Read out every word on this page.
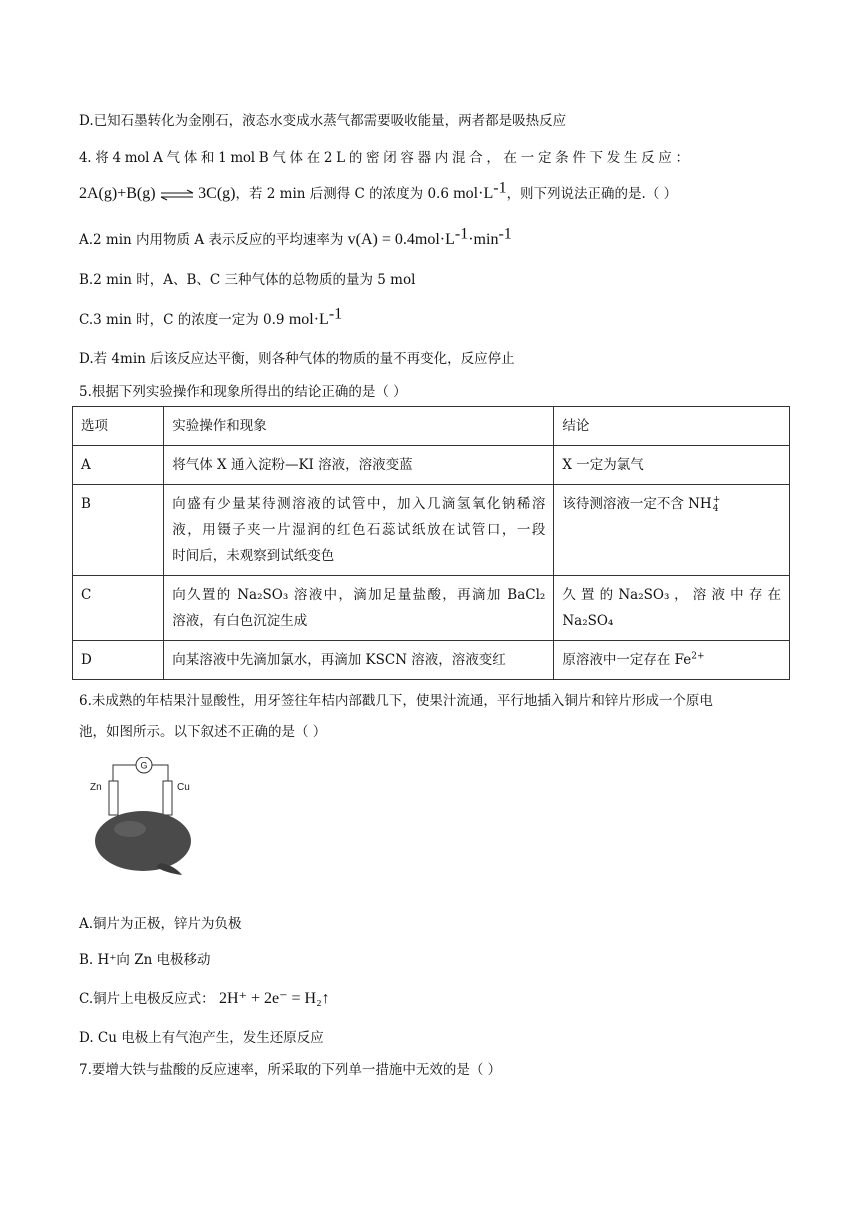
D.已知石墨转化为金刚石，液态水变成水蒸气都需要吸收能量，两者都是吸热反应
4. 将 4 mol A 气 体 和 1 mol B 气 体 在 2 L 的 密 闭 容 器 内 混 合 ， 在 一 定 条 件 下 发 生 反 应 ：
2A(g)+B(g) ⇌ 3C(g)，若 2 min 后测得 C 的浓度为 0.6 $mol\cdot L^{-1}$，则下列说法正确的是.（ ）
A.2 min 内用物质 A 表示反应的平均速率为 $v(A) = 0.4mol\cdot L^{-1}\cdot\min^{-1}$
B.2 min 时，A、B、C 三种气体的总物质的量为 5 mol
C.3 min 时，C 的浓度一定为 0.9 $mol\cdot L^{-1}$
D.若 4min 后该反应达平衡，则各种气体的物质的量不再变化，反应停止
5.根据下列实验操作和现象所得出的结论正确的是（ ）
选项	实验操作和现象	结论
A	将气体 X 通入淀粉—KI 溶液，溶液变蓝	X 一定为氯气
B	向盛有少量某待测溶液的试管中，加入几滴氢氧化钠稀溶
液，用镊子夹一片湿润的红色石蕊试纸放在试管口，一段
时间后，未观察到试纸变色	该待测溶液一定不含 NH +
4

C	向久置的 Na₂SO₃ 溶液中，滴加足量盐酸，再滴加 BaCl₂
溶液，有白色沉淀生成	久 置 的 Na₂SO₃ ， 溶 液 中 存 在
Na₂SO₄

D	向某溶液中先滴加氯水，再滴加 KSCN 溶液，溶液变红	原溶液中一定存在 $Fe^{2+}$
6.未成熟的年桔果汁显酸性，用牙签往年桔内部戳几下，使果汁流通，平行地插入铜片和锌片形成一个原电
池，如图所示。以下叙述不正确的是（ ）
G
Zn	Cu
A.铜片为正极，锌片为负极
B. H⁺向 Zn 电极移动
C.铜片上电极反应式： 2H⁺ + 2e⁻ = H₂↑
D. Cu 电极上有气泡产生，发生还原反应
7.要增大铁与盐酸的反应速率，所采取的下列单一措施中无效的是（ ）
